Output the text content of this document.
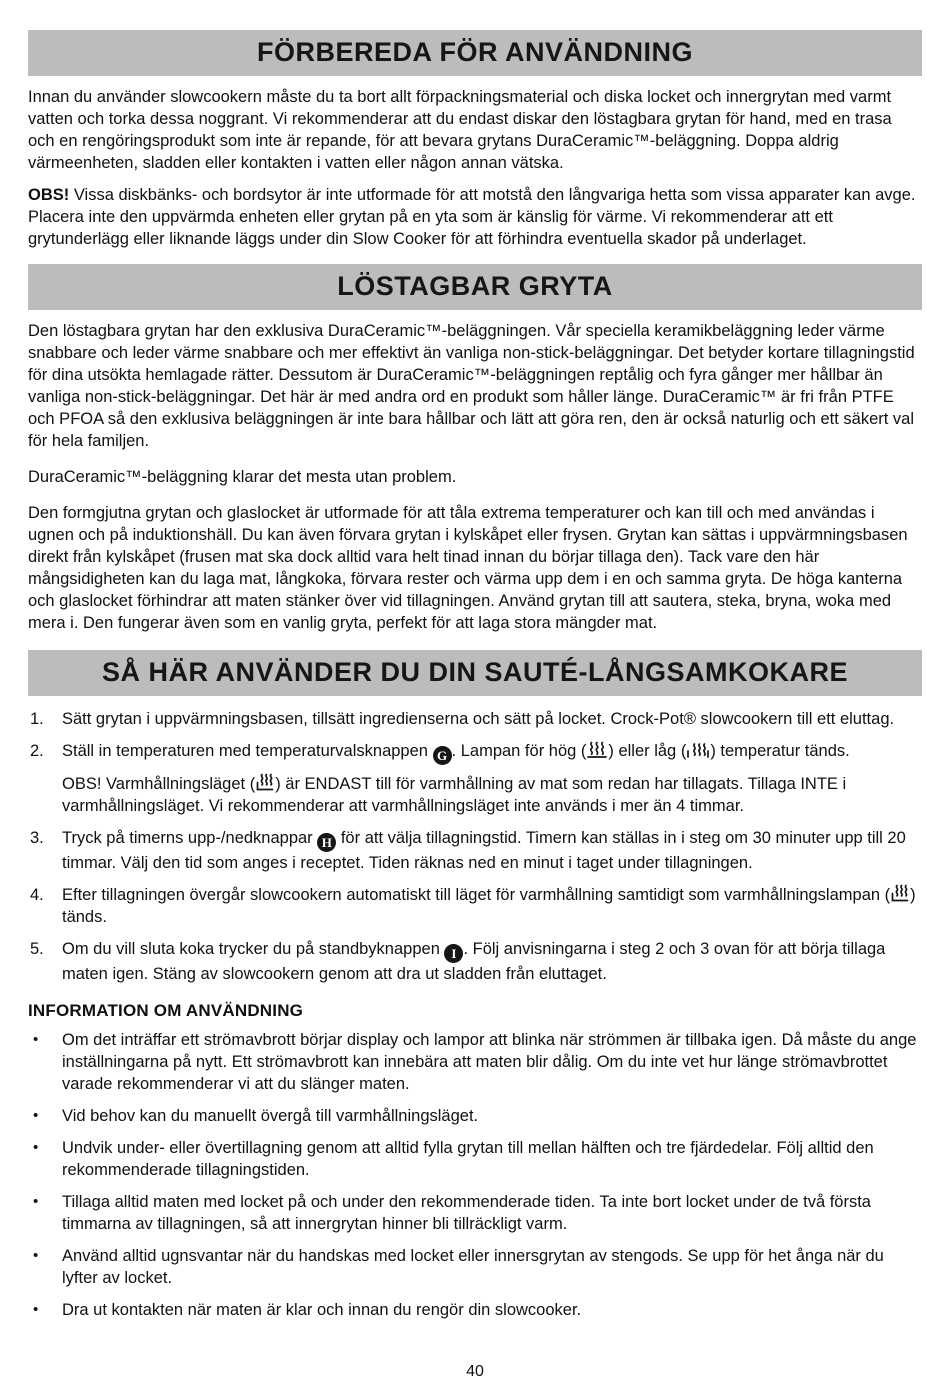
FÖRBEREDA FÖR ANVÄNDNING

Innan du använder slowcookern måste du ta bort allt förpackningsmaterial och diska locket och innergrytan med varmt vatten och torka dessa noggrant. Vi rekommenderar att du endast diskar den löstagbara grytan för hand, med en trasa och en rengöringsprodukt som inte är repande, för att bevara grytans DuraCeramic™-beläggning. Doppa aldrig värmeenheten, sladden eller kontakten i vatten eller någon annan vätska.

OBS! Vissa diskbänks- och bordsytor är inte utformade för att motstå den långvariga hetta som vissa apparater kan avge. Placera inte den uppvärmda enheten eller grytan på en yta som är känslig för värme. Vi rekommenderar att ett grytunderlägg eller liknande läggs under din Slow Cooker för att förhindra eventuella skador på underlaget.

LÖSTAGBAR GRYTA

Den löstagbara grytan har den exklusiva DuraCeramic™-beläggningen. Vår speciella keramikbeläggning leder värme snabbare och leder värme snabbare och mer effektivt än vanliga non-stick-beläggningar. Det betyder kortare tillagningstid för dina utsökta hemlagade rätter. Dessutom är DuraCeramic™-beläggningen reptålig och fyra gånger mer hållbar än vanliga non-stick-beläggningar. Det här är med andra ord en produkt som håller länge. DuraCeramic™ är fri från PTFE och PFOA så den exklusiva beläggningen är inte bara hållbar och lätt att göra ren, den är också naturlig och ett säkert val för hela familjen.

DuraCeramic™-beläggning klarar det mesta utan problem.

Den formgjutna grytan och glaslocket är utformade för att tåla extrema temperaturer och kan till och med användas i ugnen och på induktionshäll. Du kan även förvara grytan i kylskåpet eller frysen. Grytan kan sättas i uppvärmningsbasen direkt från kylskåpet (frusen mat ska dock alltid vara helt tinad innan du börjar tillaga den). Tack vare den här mångsidigheten kan du laga mat, långkoka, förvara rester och värma upp dem i en och samma gryta. De höga kanterna och glaslocket förhindrar att maten stänker över vid tillagningen. Använd grytan till att sautera, steka, bryna, woka med mera i. Den fungerar även som en vanlig gryta, perfekt för att laga stora mängder mat.

SÅ HÄR ANVÄNDER DU DIN SAUTÉ-LÅNGSAMKOKARE
1.	Sätt grytan i uppvärmningsbasen, tillsätt ingredienserna och sätt på locket. Crock-Pot® slowcookern till ett eluttag.
2.	Ställ in temperaturen med temperaturvalsknappen G . Lampan för hög ( ) eller låg ( ) temperatur tänds.
OBS! Varmhållningsläget ( ) är ENDAST till för varmhållning av mat som redan har tillagats. Tillaga INTE i varmhållningsläget. Vi rekommenderar att varmhållningsläget inte används i mer än 4 timmar.
3.	Tryck på timerns upp-/nedknappar H för att välja tillagningstid. Timern kan ställas in i steg om 30 minuter upp till 20 timmar. Välj den tid som anges i receptet. Tiden räknas ned en minut i taget under tillagningen.
4.	Efter tillagningen övergår slowcookern automatiskt till läget för varmhållning samtidigt som varmhållningslampan ( ) tänds.
5.	Om du vill sluta koka trycker du på standbyknappen I . Följ anvisningarna i steg 2 och 3 ovan för att börja tillaga maten igen. Stäng av slowcookern genom att dra ut sladden från eluttaget.
INFORMATION OM ANVÄNDNING
•	Om det inträffar ett strömavbrott börjar display och lampor att blinka när strömmen är tillbaka igen. Då måste du ange inställningarna på nytt. Ett strömavbrott kan innebära att maten blir dålig. Om du inte vet hur länge strömavbrottet varade rekommenderar vi att du slänger maten.
•	Vid behov kan du manuellt övergå till varmhållningsläget.
•	Undvik under- eller övertillagning genom att alltid fylla grytan till mellan hälften och tre fjärdedelar. Följ alltid den rekommenderade tillagningstiden.
•	Tillaga alltid maten med locket på och under den rekommenderade tiden. Ta inte bort locket under de två första timmarna av tillagningen, så att innergrytan hinner bli tillräckligt varm.
•	Använd alltid ugnsvantar när du handskas med locket eller innersgrytan av stengods. Se upp för het ånga när du lyfter av locket.
•	Dra ut kontakten när maten är klar och innan du rengör din slowcooker.
40
